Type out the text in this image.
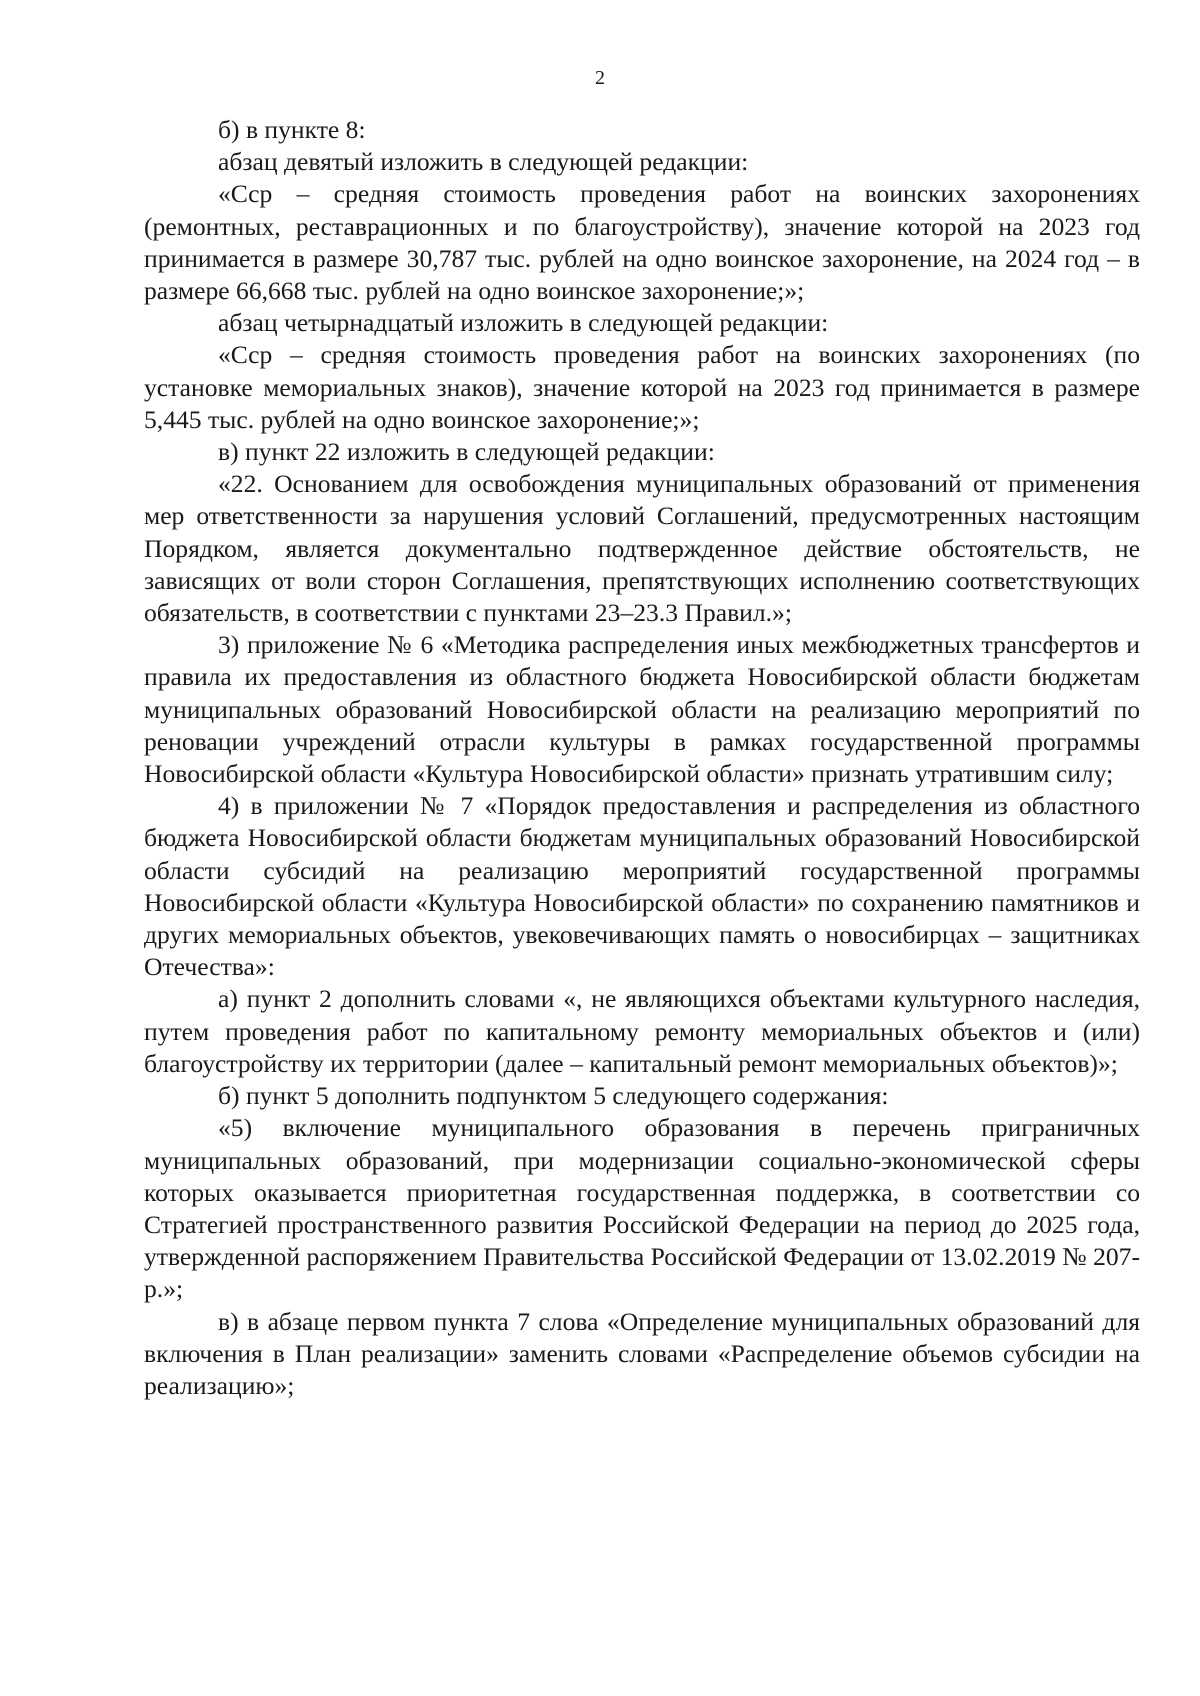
2

б) в пункте 8:

абзац девятый изложить в следующей редакции:

«Сср – средняя стоимость проведения работ на воинских захоронениях (ремонтных, реставрационных и по благоустройству), значение которой на 2023 год принимается в размере 30,787 тыс. рублей на одно воинское захоронение, на 2024 год – в размере 66,668 тыс. рублей на одно воинское захоронение;»;

абзац четырнадцатый изложить в следующей редакции:

«Сср – средняя стоимость проведения работ на воинских захоронениях (по установке мемориальных знаков), значение которой на 2023 год принимается в размере 5,445 тыс. рублей на одно воинское захоронение;»;

в) пункт 22 изложить в следующей редакции:

«22. Основанием для освобождения муниципальных образований от применения мер ответственности за нарушения условий Соглашений, предусмотренных настоящим Порядком, является документально подтвержденное действие обстоятельств, не зависящих от воли сторон Соглашения, препятствующих исполнению соответствующих обязательств, в соответствии с пунктами 23–23.3 Правил.»;

3) приложение № 6 «Методика распределения иных межбюджетных трансфертов и правила их предоставления из областного бюджета Новосибирской области бюджетам муниципальных образований Новосибирской области на реализацию мероприятий по реновации учреждений отрасли культуры в рамках государственной программы Новосибирской области «Культура Новосибирской области» признать утратившим силу;

4) в приложении № 7 «Порядок предоставления и распределения из областного бюджета Новосибирской области бюджетам муниципальных образований Новосибирской области субсидий на реализацию мероприятий государственной программы Новосибирской области «Культура Новосибирской области» по сохранению памятников и других мемориальных объектов, увековечивающих память о новосибирцах – защитниках Отечества»:

а) пункт 2 дополнить словами «, не являющихся объектами культурного наследия, путем проведения работ по капитальному ремонту мемориальных объектов и (или) благоустройству их территории (далее – капитальный ремонт мемориальных объектов)»;

б) пункт 5 дополнить подпунктом 5 следующего содержания:

«5) включение муниципального образования в перечень приграничных муниципальных образований, при модернизации социально-экономической сферы которых оказывается приоритетная государственная поддержка, в соответствии со Стратегией пространственного развития Российской Федерации на период до 2025 года, утвержденной распоряжением Правительства Российской Федерации от 13.02.2019 № 207-р.»;

в) в абзаце первом пункта 7 слова «Определение муниципальных образований для включения в План реализации» заменить словами «Распределение объемов субсидии на реализацию»;
